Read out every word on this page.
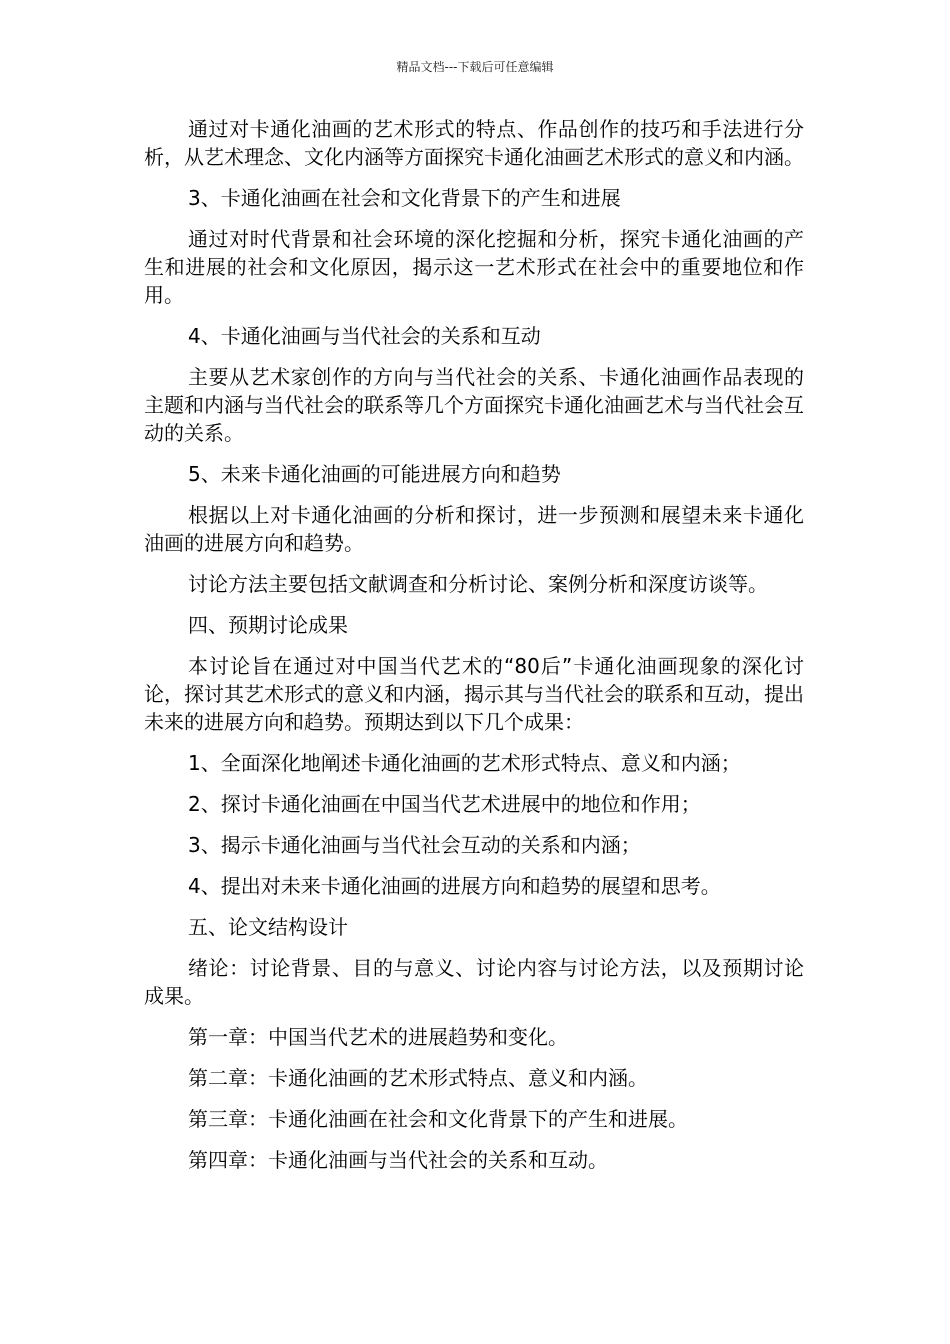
精品文档---下载后可任意编辑

通过对卡通化油画的艺术形式的特点、作品创作的技巧和手法进行分析，从艺术理念、文化内涵等方面探究卡通化油画艺术形式的意义和内涵。

3、卡通化油画在社会和文化背景下的产生和进展

通过对时代背景和社会环境的深化挖掘和分析，探究卡通化油画的产生和进展的社会和文化原因，揭示这一艺术形式在社会中的重要地位和作用。

4、卡通化油画与当代社会的关系和互动

主要从艺术家创作的方向与当代社会的关系、卡通化油画作品表现的主题和内涵与当代社会的联系等几个方面探究卡通化油画艺术与当代社会互动的关系。

5、未来卡通化油画的可能进展方向和趋势

根据以上对卡通化油画的分析和探讨，进一步预测和展望未来卡通化油画的进展方向和趋势。

讨论方法主要包括文献调查和分析讨论、案例分析和深度访谈等。

四、预期讨论成果

本讨论旨在通过对中国当代艺术的“80后”卡通化油画现象的深化讨论，探讨其艺术形式的意义和内涵，揭示其与当代社会的联系和互动，提出未来的进展方向和趋势。预期达到以下几个成果：

1、全面深化地阐述卡通化油画的艺术形式特点、意义和内涵；

2、探讨卡通化油画在中国当代艺术进展中的地位和作用；

3、揭示卡通化油画与当代社会互动的关系和内涵；

4、提出对未来卡通化油画的进展方向和趋势的展望和思考。

五、论文结构设计

绪论：讨论背景、目的与意义、讨论内容与讨论方法，以及预期讨论成果。

第一章：中国当代艺术的进展趋势和变化。

第二章：卡通化油画的艺术形式特点、意义和内涵。

第三章：卡通化油画在社会和文化背景下的产生和进展。

第四章：卡通化油画与当代社会的关系和互动。
